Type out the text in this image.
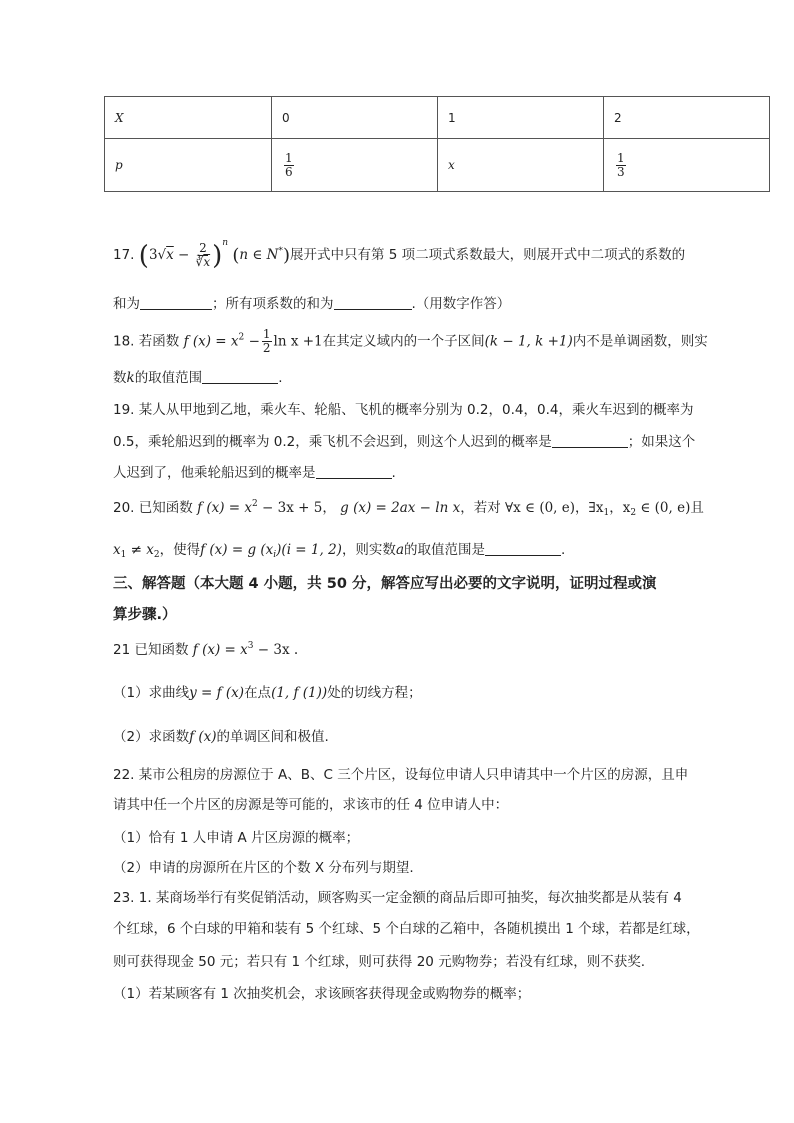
X	0	1	2
p	$\frac{1}{6}$	x	$\frac{1}{3}$
17. $(3√x - \frac{2}{∛\overline{x}} )^n$ (n ∈ N*)展开式中只有第 5 项二项式系数最大，则展开式中二项式的系数的
和为	；所有项系数的和为	.（用数字作答）
18. 若函数 f $(x) = x^2 - \frac{1}{2}$ ln x +1在其定义域内的一个子区间(k − 1, k +1)内不是单调函数，则实
数k的取值范围	.
19. 某人从甲地到乙地，乘火车、轮船、飞机的概率分别为 0.2，0.4，0.4，乘火车迟到的概率为
0.5，乘轮船迟到的概率为 0.2，乘飞机不会迟到，则这个人迟到的概率是	；如果这个
人迟到了，他乘轮船迟到的概率是	.
20. 已知函数 f $(x) = x^2 - 3x + 5$， g (x) = 2ax − ln x，若对 ∀x ∈ (0, e)，$\exists x_1$，$x_2$ ∈ (0, e)且
$x_1 \ne x_2$，使得f (x) = g $(x_i)(i = 1$, 2)，则实数a的取值范围是	.
三、解答题（本大题 4 小题，共 50 分，解答应写出必要的文字说明，证明过程或演
算步骤.）
21 已知函数 f $(x) = x^3 - 3x$ .
（1）求曲线y = f (x)在点(1, f (1))处的切线方程；
（2）求函数f (x)的单调区间和极值.
22. 某市公租房的房源位于 A、B、C 三个片区，设每位申请人只申请其中一个片区的房源，且申
请其中任一个片区的房源是等可能的，求该市的任 4 位申请人中：
（1）恰有 1 人申请 A 片区房源的概率；
（2）申请的房源所在片区的个数 X 分布列与期望.
23. 1. 某商场举行有奖促销活动，顾客购买一定金额的商品后即可抽奖，每次抽奖都是从装有 4
个红球，6 个白球的甲箱和装有 5 个红球、5 个白球的乙箱中，各随机摸出 1 个球，若都是红球，
则可获得现金 50 元；若只有 1 个红球，则可获得 20 元购物券；若没有红球，则不获奖.
（1）若某顾客有 1 次抽奖机会，求该顾客获得现金或购物券的概率；
